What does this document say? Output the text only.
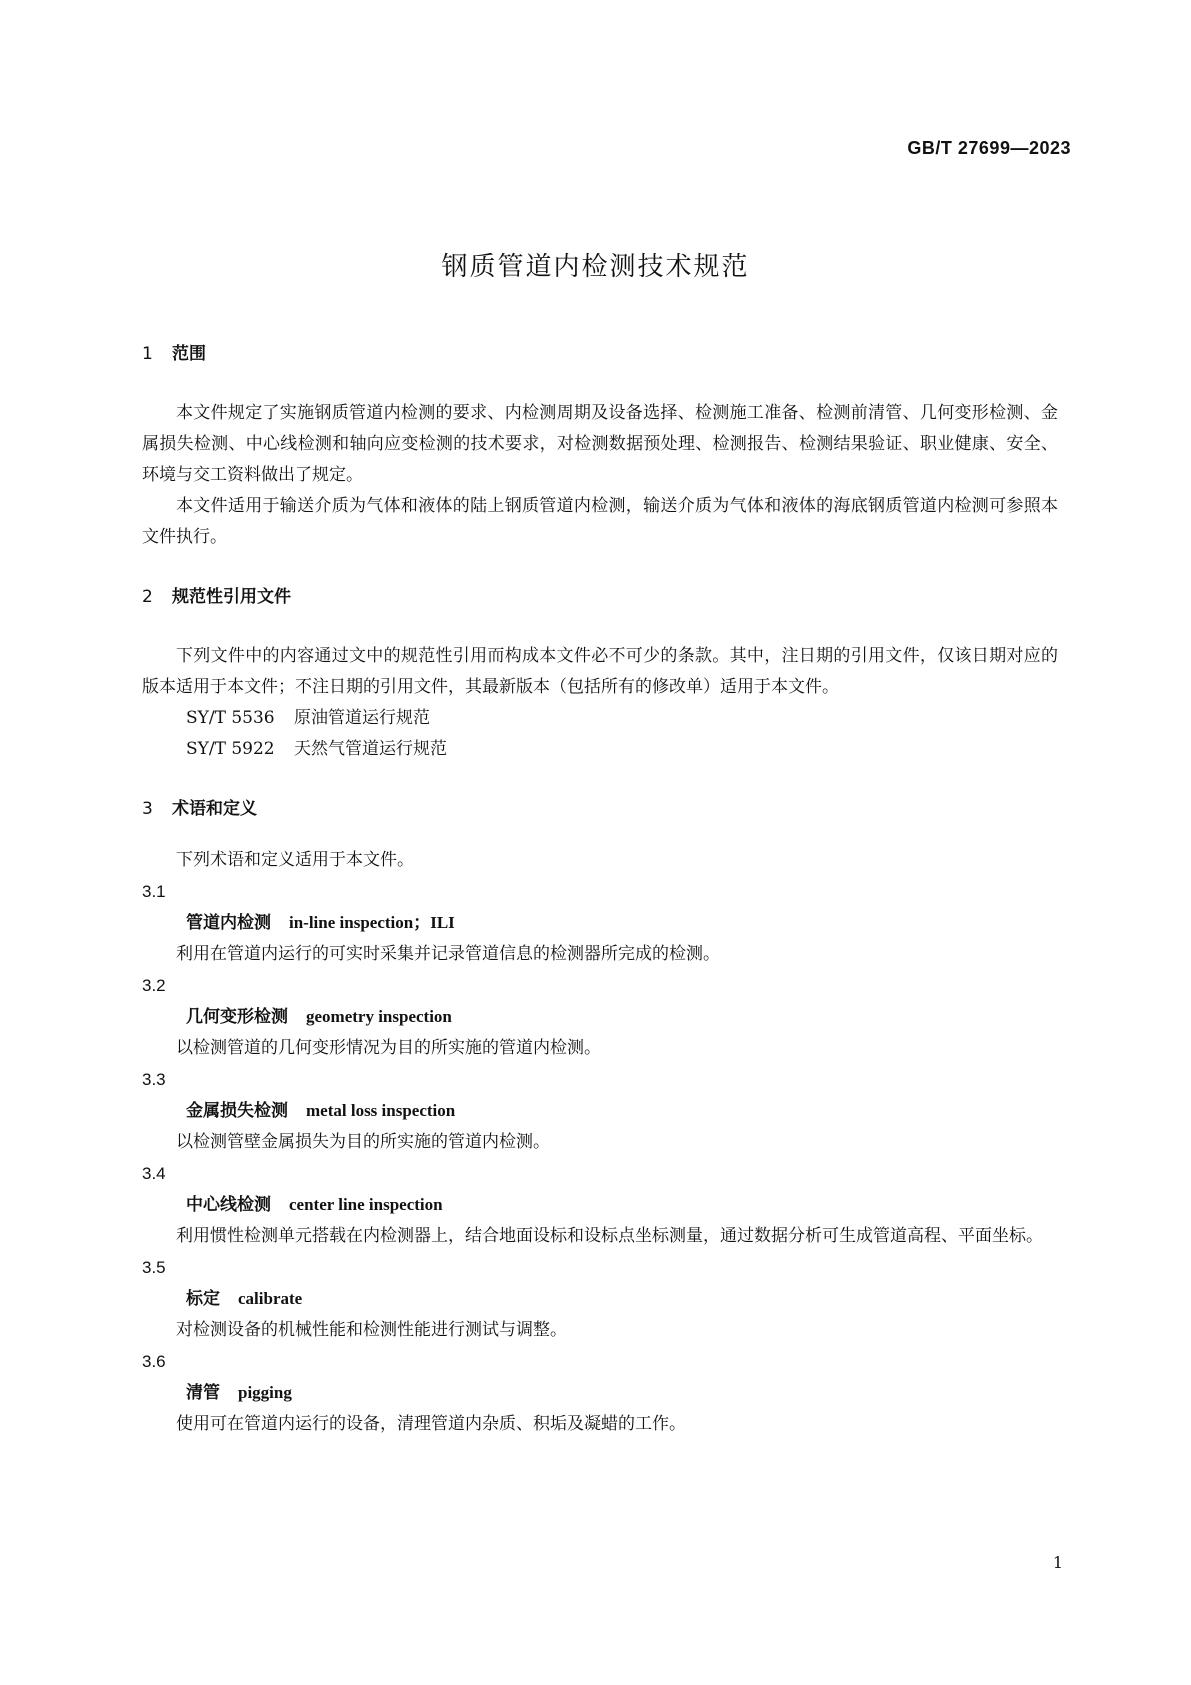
GB/T 27699—2023
钢质管道内检测技术规范
1 范围

本文件规定了实施钢质管道内检测的要求、内检测周期及设备选择、检测施工准备、检测前清管、几何变形检测、金属损失检测、中心线检测和轴向应变检测的技术要求，对检测数据预处理、检测报告、检测结果验证、职业健康、安全、环境与交工资料做出了规定。

本文件适用于输送介质为气体和液体的陆上钢质管道内检测，输送介质为气体和液体的海底钢质管道内检测可参照本文件执行。

2 规范性引用文件

下列文件中的内容通过文中的规范性引用而构成本文件必不可少的条款。其中，注日期的引用文件，仅该日期对应的版本适用于本文件；不注日期的引用文件，其最新版本（包括所有的修改单）适用于本文件。

SY/T 5536 原油管道运行规范

SY/T 5922 天然气管道运行规范

3 术语和定义

下列术语和定义适用于本文件。

3.1

管道内检测 in-line inspection；ILI

利用在管道内运行的可实时采集并记录管道信息的检测器所完成的检测。

3.2

几何变形检测 geometry inspection

以检测管道的几何变形情况为目的所实施的管道内检测。

3.3

金属损失检测 metal loss inspection

以检测管壁金属损失为目的所实施的管道内检测。

3.4

中心线检测 center line inspection

利用惯性检测单元搭载在内检测器上，结合地面设标和设标点坐标测量，通过数据分析可生成管道高程、平面坐标。

3.5

标定 calibrate

对检测设备的机械性能和检测性能进行测试与调整。

3.6

清管 pigging

使用可在管道内运行的设备，清理管道内杂质、积垢及凝蜡的工作。

1
